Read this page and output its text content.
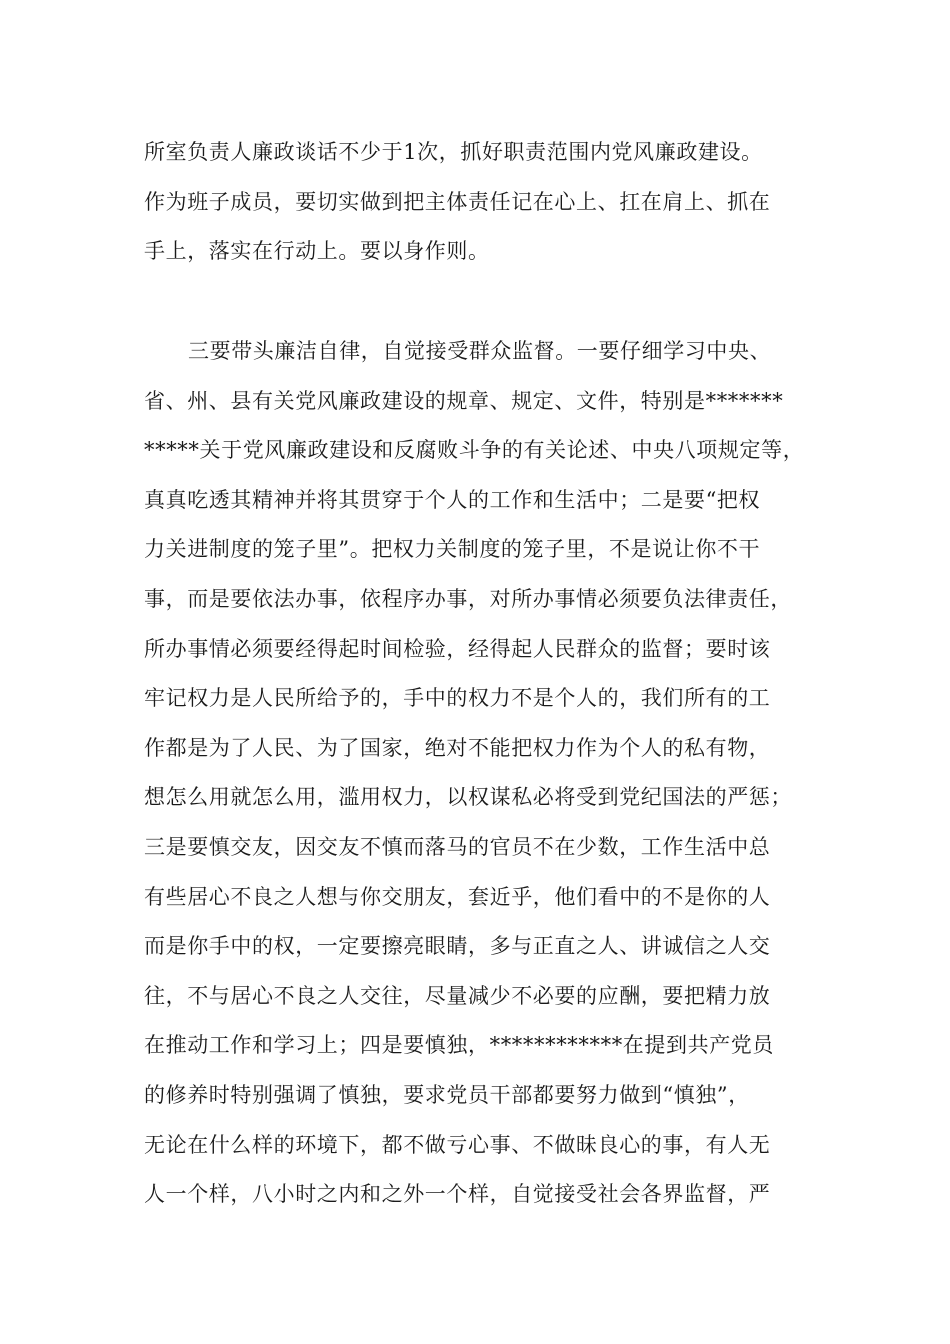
所室负责人廉政谈话不少于1次，抓好职责范围内党风廉政建设。
作为班子成员，要切实做到把主体责任记在心上、扛在肩上、抓在
手上，落实在行动上。要以身作则。
三要带头廉洁自律，自觉接受群众监督。一要仔细学习中央、
省、州、县有关党风廉政建设的规章、规定、文件，特别是*******
*****关于党风廉政建设和反腐败斗争的有关论述、中央八项规定等，
真真吃透其精神并将其贯穿于个人的工作和生活中；二是要“把权
力关进制度的笼子里”。把权力关制度的笼子里，不是说让你不干
事，而是要依法办事，依程序办事，对所办事情必须要负法律责任，
所办事情必须要经得起时间检验，经得起人民群众的监督；要时该
牢记权力是人民所给予的，手中的权力不是个人的，我们所有的工
作都是为了人民、为了国家，绝对不能把权力作为个人的私有物，
想怎么用就怎么用，滥用权力，以权谋私必将受到党纪国法的严惩；
三是要慎交友，因交友不慎而落马的官员不在少数，工作生活中总
有些居心不良之人想与你交朋友，套近乎，他们看中的不是你的人
而是你手中的权，一定要擦亮眼睛，多与正直之人、讲诚信之人交
往，不与居心不良之人交往，尽量减少不必要的应酬，要把精力放
在推动工作和学习上；四是要慎独，************在提到共产党员
的修养时特别强调了慎独，要求党员干部都要努力做到“慎独”，
无论在什么样的环境下，都不做亏心事、不做昧良心的事，有人无
人一个样，八小时之内和之外一个样，自觉接受社会各界监督，严
